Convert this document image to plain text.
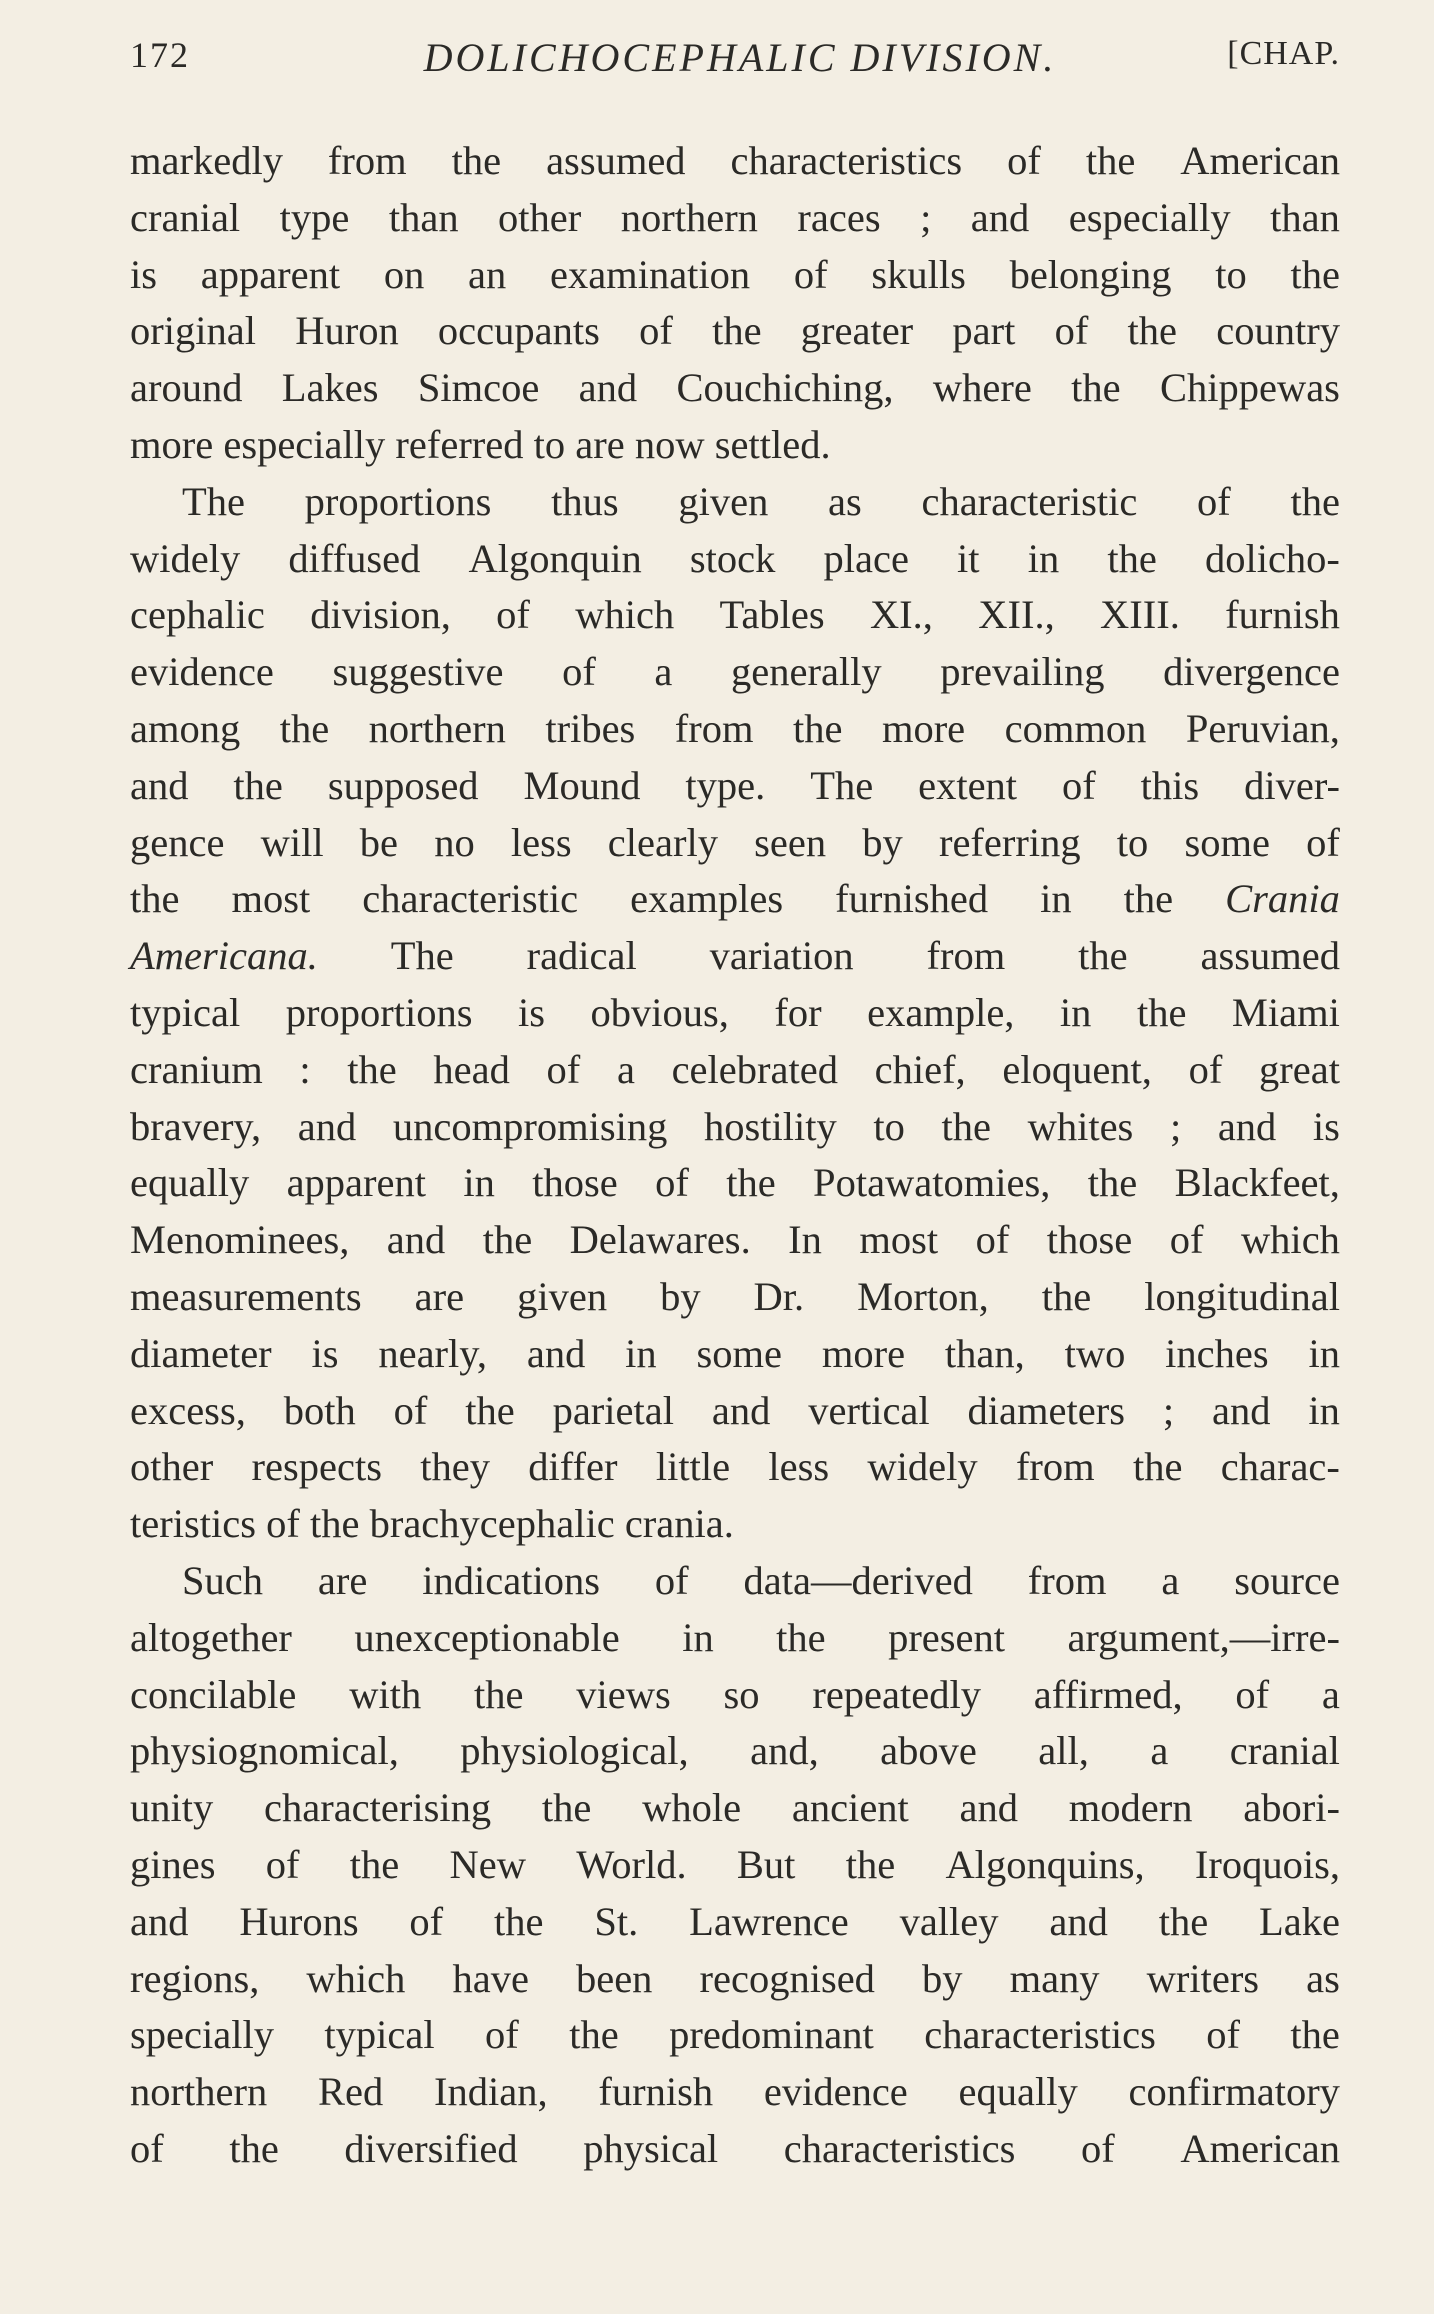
172	DOLICHOCEPHALIC DIVISION.	[CHAP.
markedly from the assumed characteristics of the American
cranial type than other northern races ; and especially than
is apparent on an examination of skulls belonging to the
original Huron occupants of the greater part of the country
around Lakes Simcoe and Couchiching, where the Chippewas
more
especially
referred
to
are
now
settled.
The proportions thus given as characteristic of the
widely diffused Algonquin stock place it in the dolicho-
cephalic division, of which Tables XI., XII., XIII. furnish
evidence suggestive of a generally prevailing divergence
among the northern tribes from the more common Peruvian,
and the supposed Mound type. The extent of this diver-
gence will be no less clearly seen by referring to some of
the most characteristic examples furnished in the Crania
Americana. The radical variation from the assumed
typical proportions is obvious, for example, in the Miami
cranium : the head of a celebrated chief, eloquent, of great
bravery, and uncompromising hostility to the whites ; and is
equally apparent in those of the Potawatomies, the Blackfeet,
Menominees, and the Delawares. In most of those of which
measurements are given by Dr. Morton, the longitudinal
diameter is nearly, and in some more than, two inches in
excess, both of the parietal and vertical diameters ; and in
other respects they differ little less widely from the charac-
teristics
of
the
brachycephalic
crania.
Such are indications of data—derived from a source
altogether unexceptionable in the present argument,—irre-
concilable with the views so repeatedly affirmed, of a
physiognomical, physiological, and, above all, a cranial
unity characterising the whole ancient and modern abori-
gines of the New World. But the Algonquins, Iroquois,
and Hurons of the St. Lawrence valley and the Lake
regions, which have been recognised by many writers as
specially typical of the predominant characteristics of the
northern Red Indian, furnish evidence equally confirmatory
of the diversified physical characteristics of American
